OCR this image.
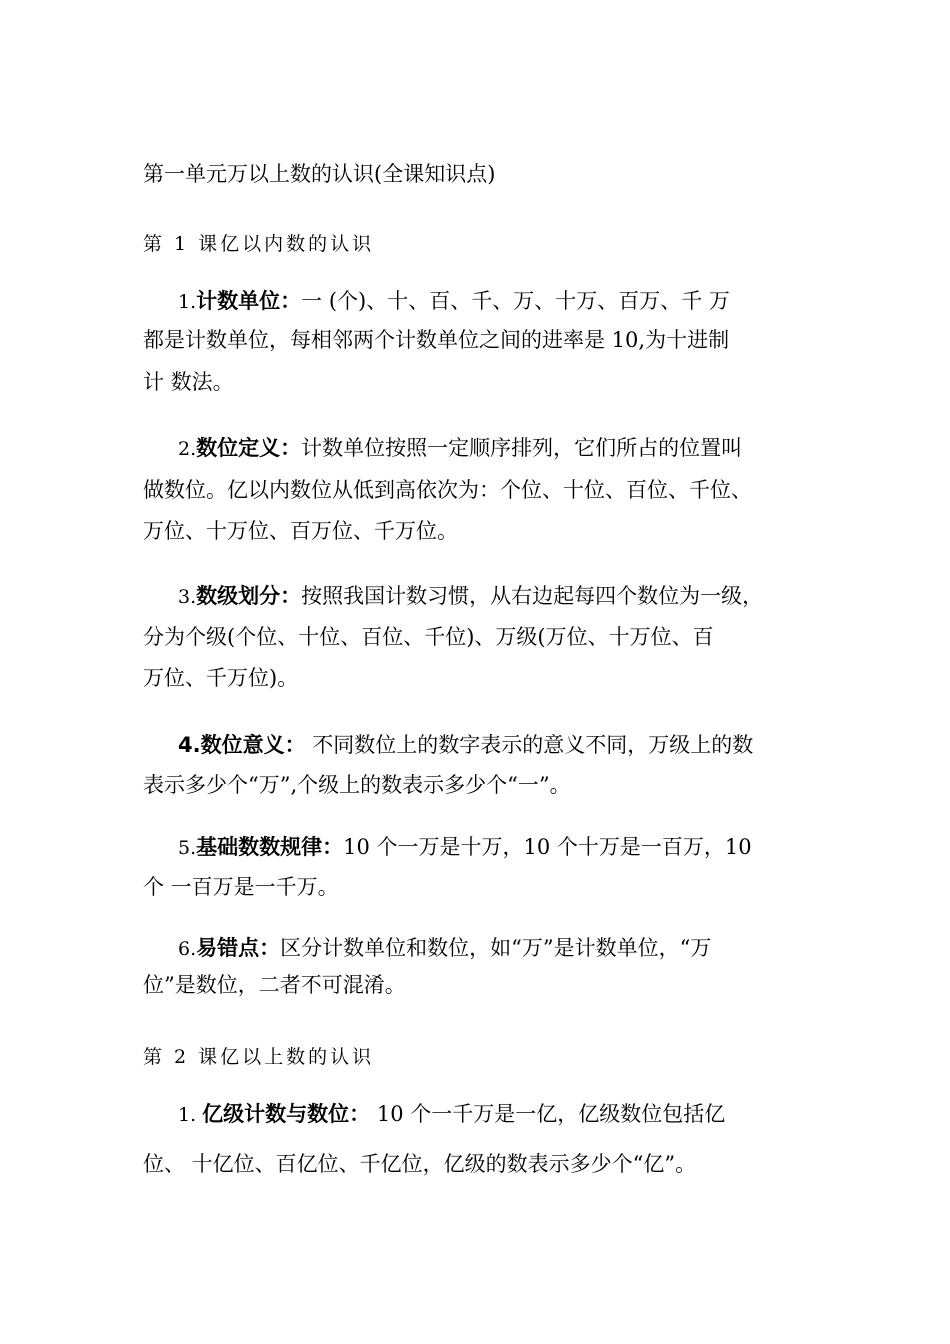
第一单元万以上数的认识(全课知识点)
第 1 课亿以内数的认识
1.计数单位：一 (个)、十、百、千、万、十万、百万、千 万
都是计数单位，每相邻两个计数单位之间的进率是 10,为十进制
计 数法。
2.数位定义：计数单位按照一定顺序排列，它们所占的位置叫
做数位。亿以内数位从低到高依次为：个位、十位、百位、千位、
万位、十万位、百万位、千万位。
3.数级划分：按照我国计数习惯，从右边起每四个数位为一级，
分为个级(个位、十位、百位、千位)、万级(万位、十万位、百
万位、千万位)。
4.数位意义： 不同数位上的数字表示的意义不同，万级上的数
表示多少个“万”,个级上的数表示多少个“一”。
5.基础数数规律：10 个一万是十万，10 个十万是一百万，10
个 一百万是一千万。
6.易错点：区分计数单位和数位，如“万”是计数单位，“万
位”是数位，二者不可混淆。
第 2 课亿以上数的认识
1. 亿级计数与数位： 10 个一千万是一亿，亿级数位包括亿
位、 十亿位、百亿位、千亿位，亿级的数表示多少个“亿”。
